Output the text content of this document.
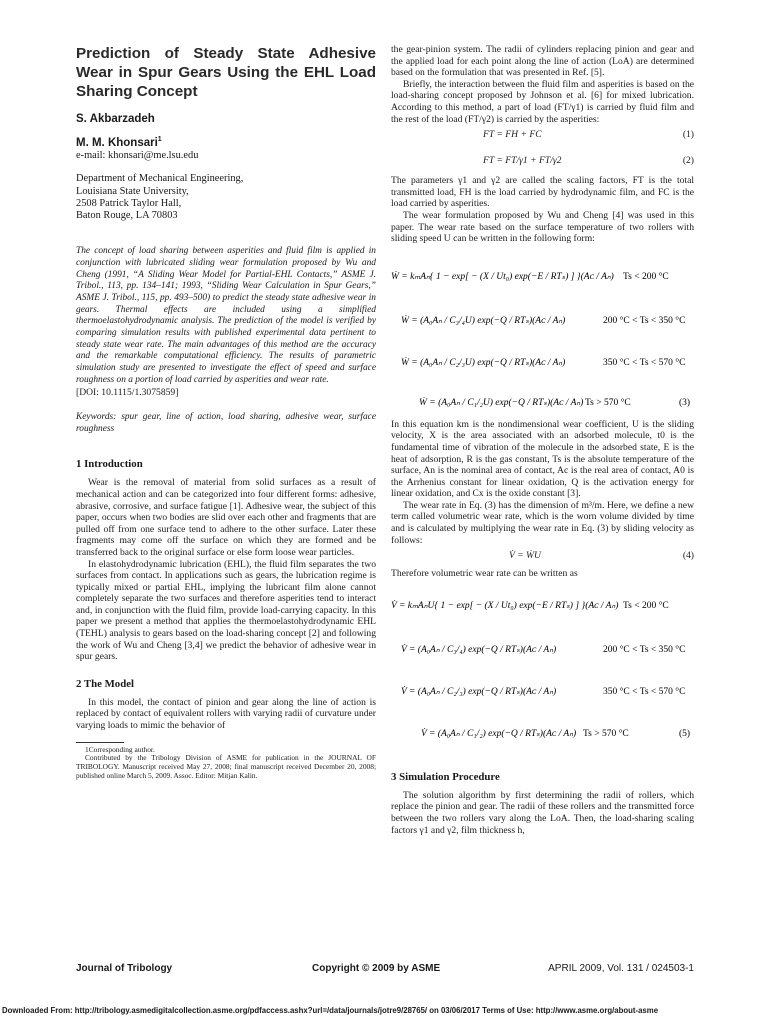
Prediction of Steady State Adhesive Wear in Spur Gears Using the EHL Load Sharing Concept
S. Akbarzadeh
M. M. Khonsari$^1$
e-mail: khonsari@me.lsu.edu
Department of Mechanical Engineering,
Louisiana State University,
2508 Patrick Taylor Hall,
Baton Rouge, LA 70803

The concept of load sharing between asperities and fluid film is applied in conjunction with lubricated sliding wear formulation proposed by Wu and Cheng (1991, “A Sliding Wear Model for Partial-EHL Contacts,” ASME J. Tribol., 113, pp. 134–141; 1993, “Sliding Wear Calculation in Spur Gears,” ASME J. Tribol., 115, pp. 493–500) to predict the steady state adhesive wear in gears. Thermal effects are included using a simplified thermoelastohydrodynamic analysis. The prediction of the model is verified by comparing simulation results with published experimental data pertinent to steady state wear rate. The main advantages of this method are the accuracy and the remarkable computational efficiency. The results of parametric simulation study are presented to investigate the effect of speed and surface roughness on a portion of load carried by asperities and wear rate.

[DOI: 10.1115/1.3075859]
Keywords: spur gear, line of action, load sharing, adhesive wear, surface roughness
1 Introduction

Wear is the removal of material from solid surfaces as a result of mechanical action and can be categorized into four different forms: adhesive, abrasive, corrosive, and surface fatigue [1]. Adhesive wear, the subject of this paper, occurs when two bodies are slid over each other and fragments that are pulled off from one surface tend to adhere to the other surface. Later these fragments may come off the surface on which they are formed and be transferred back to the original surface or else form loose wear particles.

In elastohydrodynamic lubrication (EHL), the fluid film separates the two surfaces from contact. In applications such as gears, the lubrication regime is typically mixed or partial EHL, implying the lubricant film alone cannot completely separate the two surfaces and therefore asperities tend to interact and, in conjunction with the fluid film, provide load-carrying capacity. In this paper we present a method that applies the thermoelastohydrodynamic EHL (TEHL) analysis to gears based on the load-sharing concept [2] and following the work of Wu and Cheng [3,4] we predict the behavior of adhesive wear in spur gears.

2 The Model

In this model, the contact of pinion and gear along the line of action is replaced by contact of equivalent rollers with varying radii of curvature under varying loads to mimic the behavior of

1Corresponding author.
Contributed by the Tribology Division of ASME for publication in the JOURNAL OF TRIBOLOGY. Manuscript received May 27, 2008; final manuscript received December 20, 2008; published online March 5, 2009. Assoc. Editor: Mitjan Kalin.

the gear-pinion system. The radii of cylinders replacing pinion and gear and the applied load for each point along the line of action (LoA) are determined based on the formulation that was presented in Ref. [5].

Briefly, the interaction between the fluid film and asperities is based on the load-sharing concept proposed by Johnson et al. [6] for mixed lubrication. According to this method, a part of load (FT/γ1) is carried by fluid film and the rest of the load (FT/γ2) is carried by the asperities:

FT = FH + FC	(1)
FT = FT/γ1 + FT/γ2	(2)

The parameters γ1 and γ2 are called the scaling factors, FT is the total transmitted load, FH is the load carried by hydrodynamic film, and FC is the load carried by asperities.

The wear formulation proposed by Wu and Cheng [4] was used in this paper. The wear rate based on the surface temperature of two rollers with sliding speed U can be written in the following form:

Ẇ = kₘAₙ{ 1 − exp[ − (X / Ut₀) exp(−E / RTₛ) ] }(Aᴄ / Aₙ) Ts < 200 °C
Ẇ = (A₀Aₙ / C₃/₄U) exp(−Q / RTₛ)(Aᴄ / Aₙ)	200 °C < Ts < 350 °C
Ẇ = (A₀Aₙ / C₂/₃U) exp(−Q / RTₛ)(Aᴄ / Aₙ)	350 °C < Ts < 570 °C
Ẇ = (A₀Aₙ / C₁/₂U) exp(−Q / RTₛ)(Aᴄ / Aₙ) Ts > 570 °C	(3)

In this equation km is the nondimensional wear coefficient, U is the sliding velocity, X is the area associated with an adsorbed molecule, t0 is the fundamental time of vibration of the molecule in the adsorbed state, E is the heat of adsorption, R is the gas constant, Ts is the absolute temperature of the surface, An is the nominal area of contact, Ac is the real area of contact, A0 is the Arrhenius constant for linear oxidation, Q is the activation energy for linear oxidation, and Cx is the oxide constant [3].

The wear rate in Eq. (3) has the dimension of m³/m. Here, we define a new term called volumetric wear rate, which is the worn volume divided by time and is calculated by multiplying the wear rate in Eq. (3) by sliding velocity as follows:

V̇ = ẆU	(4)

Therefore volumetric wear rate can be written as

V̇ = kₘAₙU{ 1 − exp[ − (X / Ut₀) exp(−E / RTₛ) ] }(Aᴄ / Aₙ) Ts < 200 °C
V̇ = (A₀Aₙ / C₃/₄) exp(−Q / RTₛ)(Aᴄ / Aₙ)	200 °C < Ts < 350 °C
V̇ = (A₀Aₙ / C₂/₃) exp(−Q / RTₛ)(Aᴄ / Aₙ)	350 °C < Ts < 570 °C
V̇ = (A₀Aₙ / C₁/₂) exp(−Q / RTₛ)(Aᴄ / Aₙ) Ts > 570 °C	(5)
3 Simulation Procedure

The solution algorithm by first determining the radii of rollers, which replace the pinion and gear. The radii of these rollers and the transmitted force between the two rollers vary along the LoA. Then, the load-sharing scaling factors γ1 and γ2, film thickness h,

Journal of Tribology	Copyright © 2009 by ASME	APRIL 2009, Vol. 131 / 024503-1
Downloaded From: http://tribology.asmedigitalcollection.asme.org/pdfaccess.ashx?url=/data/journals/jotre9/28765/ on 03/06/2017 Terms of Use: http://www.asme.org/about-asme
